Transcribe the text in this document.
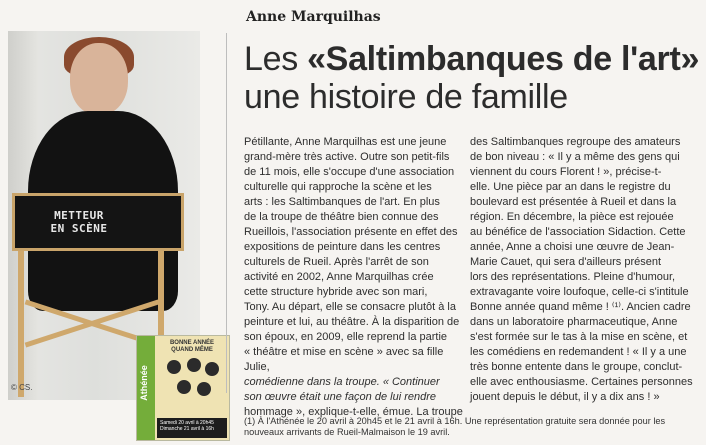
METTEUR
EN SCÈNE
© CS.	Athénée
BONNE ANNÉE QUAND MÊME
Samedi 20 avril à 20h45 Dimanche 21 avril à 16h
Anne Marquilhas
Les «Saltimbanques de l'art»
une histoire de famille

Pétillante, Anne Marquilhas est une jeune

grand-mère très active. Outre son petit-fils

de 11 mois, elle s'occupe d'une association

culturelle qui rapproche la scène et les

arts : les Saltimbanques de l'art. En plus

de la troupe de théâtre bien connue des

Rueillois, l'association présente en effet des

expositions de peinture dans les centres

culturels de Rueil. Après l'arrêt de son

activité en 2002, Anne Marquilhas crée

cette structure hybride avec son mari,

Tony. Au départ, elle se consacre plutôt à la

peinture et lui, au théâtre. À la disparition de

son époux, en 2009, elle reprend la partie

« théâtre et mise en scène » avec sa fille Julie,

comédienne dans la troupe. « Continuer

son œuvre était une façon de lui rendre

hommage », explique-t-elle, émue. La troupe

des Saltimbanques regroupe des amateurs

de bon niveau : « Il y a même des gens qui

viennent du cours Florent ! », précise-t-

elle. Une pièce par an dans le registre du

boulevard est présentée à Rueil et dans la

région. En décembre, la pièce est rejouée

au bénéfice de l'association Sidaction. Cette

année, Anne a choisi une œuvre de Jean-

Marie Cauet, qui sera d'ailleurs présent

lors des représentations. Pleine d'humour,

extravagante voire loufoque, celle-ci s'intitule

Bonne année quand même ! ⁽¹⁾. Ancien cadre

dans un laboratoire pharmaceutique, Anne

s'est formée sur le tas à la mise en scène, et

les comédiens en redemandent ! « Il y a une

très bonne entente dans le groupe, conclut-

elle avec enthousiasme. Certaines personnes

jouent depuis le début, il y a dix ans ! »

(1) À l'Athénée le 20 avril à 20h45 et le 21 avril à 16h. Une représentation gratuite sera donnée pour les nouveaux arrivants de Rueil-Malmaison le 19 avril.
